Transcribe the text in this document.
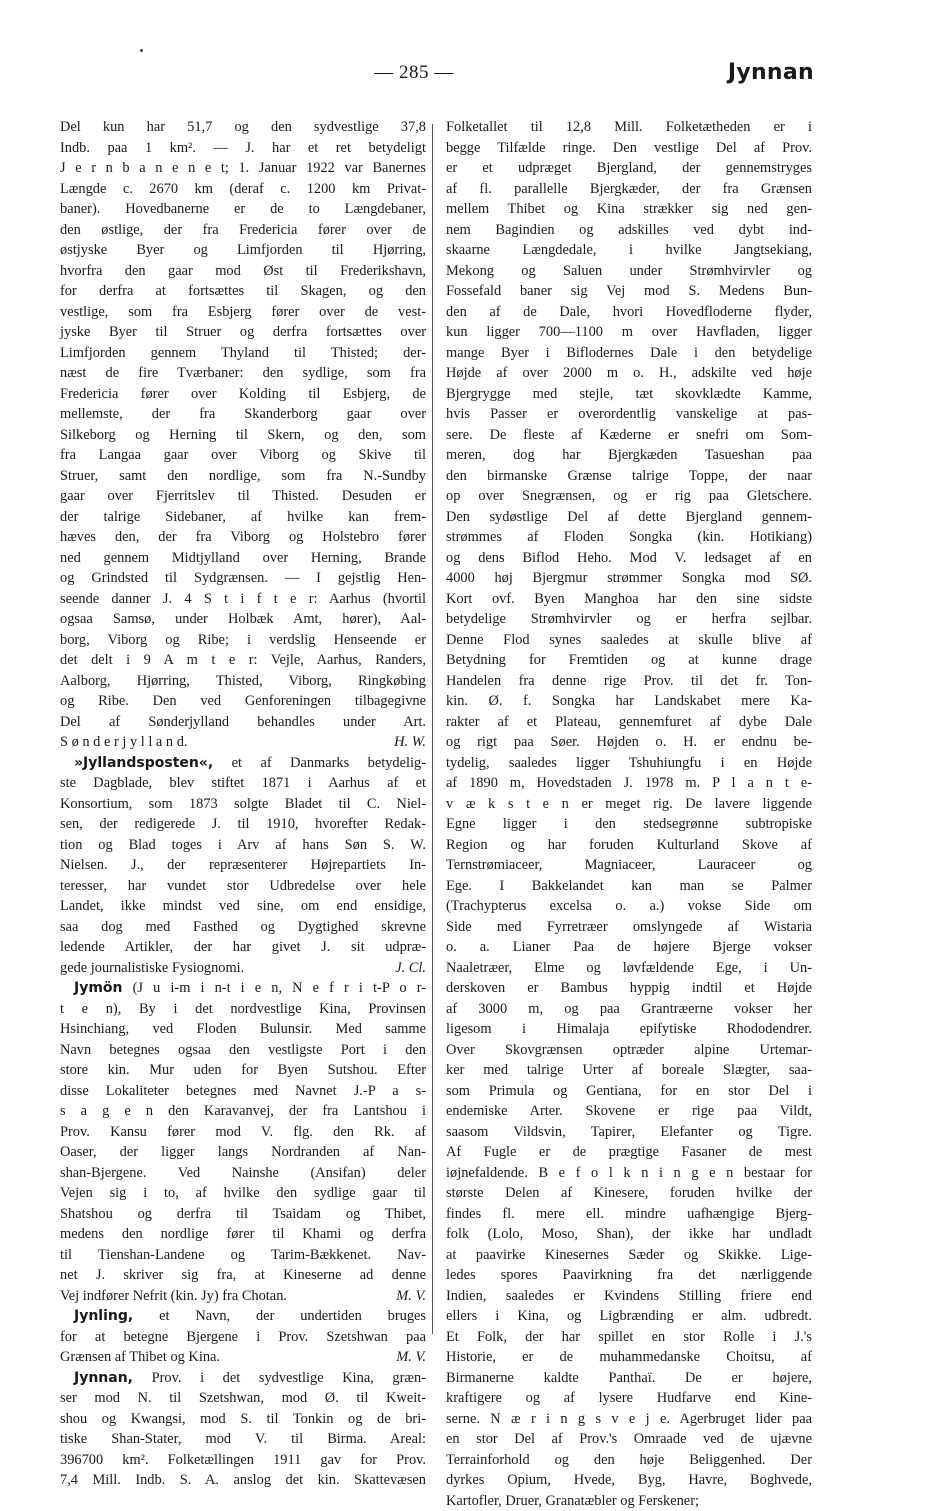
— 285 —	Jynnan
Del kun har 51,7 og den sydvestlige 37,8
Indb. paa 1 km². — J. har et ret betydeligt
J e r n b a n e n e t; 1. Januar 1922 var Banernes
Længde c. 2670 km (deraf c. 1200 km Privat-
baner). Hovedbanerne er de to Længdebaner,
den østlige, der fra Fredericia fører over de
østjyske Byer og Limfjorden til Hjørring,
hvorfra den gaar mod Øst til Frederikshavn,
for derfra at fortsættes til Skagen, og den
vestlige, som fra Esbjerg fører over de vest-
jyske Byer til Struer og derfra fortsættes over
Limfjorden gennem Thyland til Thisted; der-
næst de fire Tværbaner: den sydlige, som fra
Fredericia fører over Kolding til Esbjerg, de
mellemste, der fra Skanderborg gaar over
Silkeborg og Herning til Skern, og den, som
fra Langaa gaar over Viborg og Skive til
Struer, samt den nordlige, som fra N.-Sundby
gaar over Fjerritslev til Thisted. Desuden er
der talrige Sidebaner, af hvilke kan frem-
hæves den, der fra Viborg og Holstebro fører
ned gennem Midtjylland over Herning, Brande
og Grindsted til Sydgrænsen. — I gejstlig Hen-
seende danner J. 4 S t i f t e r: Aarhus (hvortil
ogsaa Samsø, under Holbæk Amt, hører), Aal-
borg, Viborg og Ribe; i verdslig Henseende er
det delt i 9 A m t e r: Vejle, Aarhus, Randers,
Aalborg, Hjørring, Thisted, Viborg, Ringkøbing
og Ribe. Den ved Genforeningen tilbagegivne
Del af Sønderjylland behandles under Art.
S ø n d e r j y l l a n d.	H. W.
»Jyllandsposten«, et af Danmarks betydelig-
ste Dagblade, blev stiftet 1871 i Aarhus af et
Konsortium, som 1873 solgte Bladet til C. Niel-
sen, der redigerede J. til 1910, hvorefter Redak-
tion og Blad toges i Arv af hans Søn S. W.
Nielsen. J., der repræsenterer Højrepartiets In-
teresser, har vundet stor Udbredelse over hele
Landet, ikke mindst ved sine, om end ensidige,
saa dog med Fasthed og Dygtighed skrevne
ledende Artikler, der har givet J. sit udpræ-
gede journalistiske Fysiognomi.	J. Cl.
Jymön (J u i-m i n-t i e n, N e f r i t-P o r-
t e n), By i det nordvestlige Kina, Provinsen
Hsinchiang, ved Floden Bulunsir. Med samme
Navn betegnes ogsaa den vestligste Port i den
store kin. Mur uden for Byen Sutshou. Efter
disse Lokaliteter betegnes med Navnet J.-P a s-
s a g e n den Karavanvej, der fra Lantshou i
Prov. Kansu fører mod V. flg. den Rk. af
Oaser, der ligger langs Nordranden af Nan-
shan-Bjergene. Ved Nainshe (Ansifan) deler
Vejen sig i to, af hvilke den sydlige gaar til
Shatshou og derfra til Tsaidam og Thibet,
medens den nordlige fører til Khami og derfra
til Tienshan-Landene og Tarim-Bækkenet. Nav-
net J. skriver sig fra, at Kineserne ad denne
Vej indfører Nefrit (kin. Jy) fra Chotan.	M. V.
Jynling, et Navn, der undertiden bruges
for at betegne Bjergene i Prov. Szetshwan paa
Grænsen af Thibet og Kina.	M. V.
Jynnan, Prov. i det sydvestlige Kina, græn-
ser mod N. til Szetshwan, mod Ø. til Kweit-
shou og Kwangsi, mod S. til Tonkin og de bri-
tiske Shan-Stater, mod V. til Birma. Areal:
396700 km². Folketællingen 1911 gav for Prov.
7,4 Mill. Indb. S. A. anslog det kin. Skattevæsen
Folketallet til 12,8 Mill. Folketætheden er i
begge Tilfælde ringe. Den vestlige Del af Prov.
er et udpræget Bjergland, der gennemstryges
af fl. parallelle Bjergkæder, der fra Grænsen
mellem Thibet og Kina strækker sig ned gen-
nem Bagindien og adskilles ved dybt ind-
skaarne Længdedale, i hvilke Jangtsekiang,
Mekong og Saluen under Strømhvirvler og
Fossefald baner sig Vej mod S. Medens Bun-
den af de Dale, hvori Hovedfloderne flyder,
kun ligger 700—1100 m over Havfladen, ligger
mange Byer i Biflodernes Dale i den betydelige
Højde af over 2000 m o. H., adskilte ved høje
Bjergrygge med stejle, tæt skovklædte Kamme,
hvis Passer er overordentlig vanskelige at pas-
sere. De fleste af Kæderne er snefri om Som-
meren, dog har Bjergkæden Tasueshan paa
den birmanske Grænse talrige Toppe, der naar
op over Snegrænsen, og er rig paa Gletschere.
Den sydøstlige Del af dette Bjergland gennem-
strømmes af Floden Songka (kin. Hotikiang)
og dens Biflod Heho. Mod V. ledsaget af en
4000 høj Bjergmur strømmer Songka mod SØ.
Kort ovf. Byen Manghoa har den sine sidste
betydelige Strømhvirvler og er herfra sejlbar.
Denne Flod synes saaledes at skulle blive af
Betydning for Fremtiden og at kunne drage
Handelen fra denne rige Prov. til det fr. Ton-
kin. Ø. f. Songka har Landskabet mere Ka-
rakter af et Plateau, gennemfuret af dybe Dale
og rigt paa Søer. Højden o. H. er endnu be-
tydelig, saaledes ligger Tshuhiungfu i en Højde
af 1890 m, Hovedstaden J. 1978 m. P l a n t e-
v æ k s t e n er meget rig. De lavere liggende
Egne ligger i den stedsegrønne subtropiske
Region og har foruden Kulturland Skove af
Ternstrømiaceer, Magniaceer, Lauraceer og
Ege. I Bakkelandet kan man se Palmer
(Trachypterus excelsa o. a.) vokse Side om
Side med Fyrretræer omslyngede af Wistaria
o. a. Lianer Paa de højere Bjerge vokser
Naaletræer, Elme og løvfældende Ege, i Un-
derskoven er Bambus hyppig indtil et Højde
af 3000 m, og paa Grantræerne vokser her
ligesom i Himalaja epifytiske Rhododendrer.
Over Skovgrænsen optræder alpine Urtemar-
ker med talrige Urter af boreale Slægter, saa-
som Primula og Gentiana, for en stor Del i
endemiske Arter. Skovene er rige paa Vildt,
saasom Vildsvin, Tapirer, Elefanter og Tigre.
Af Fugle er de prægtige Fasaner de mest
iøjnefaldende. B e f o l k n i n g e n bestaar for
største Delen af Kinesere, foruden hvilke der
findes fl. mere ell. mindre uafhængige Bjerg-
folk (Lolo, Moso, Shan), der ikke har undladt
at paavirke Kinesernes Sæder og Skikke. Lige-
ledes spores Paavirkning fra det nærliggende
Indien, saaledes er Kvindens Stilling friere end
ellers i Kina, og Ligbrænding er alm. udbredt.
Et Folk, der har spillet en stor Rolle i J.'s
Historie, er de muhammedanske Choitsu, af
Birmanerne kaldte Panthaï. De er højere,
kraftigere og af lysere Hudfarve end Kine-
serne. N æ r i n g s v e j e. Agerbruget lider paa
en stor Del af Prov.'s Omraade ved de ujævne
Terrainforhold og den høje Beliggenhed. Der
dyrkes Opium, Hvede, Byg, Havre, Boghvede,
Kartofler, Druer, Granatæbler og Ferskener;
